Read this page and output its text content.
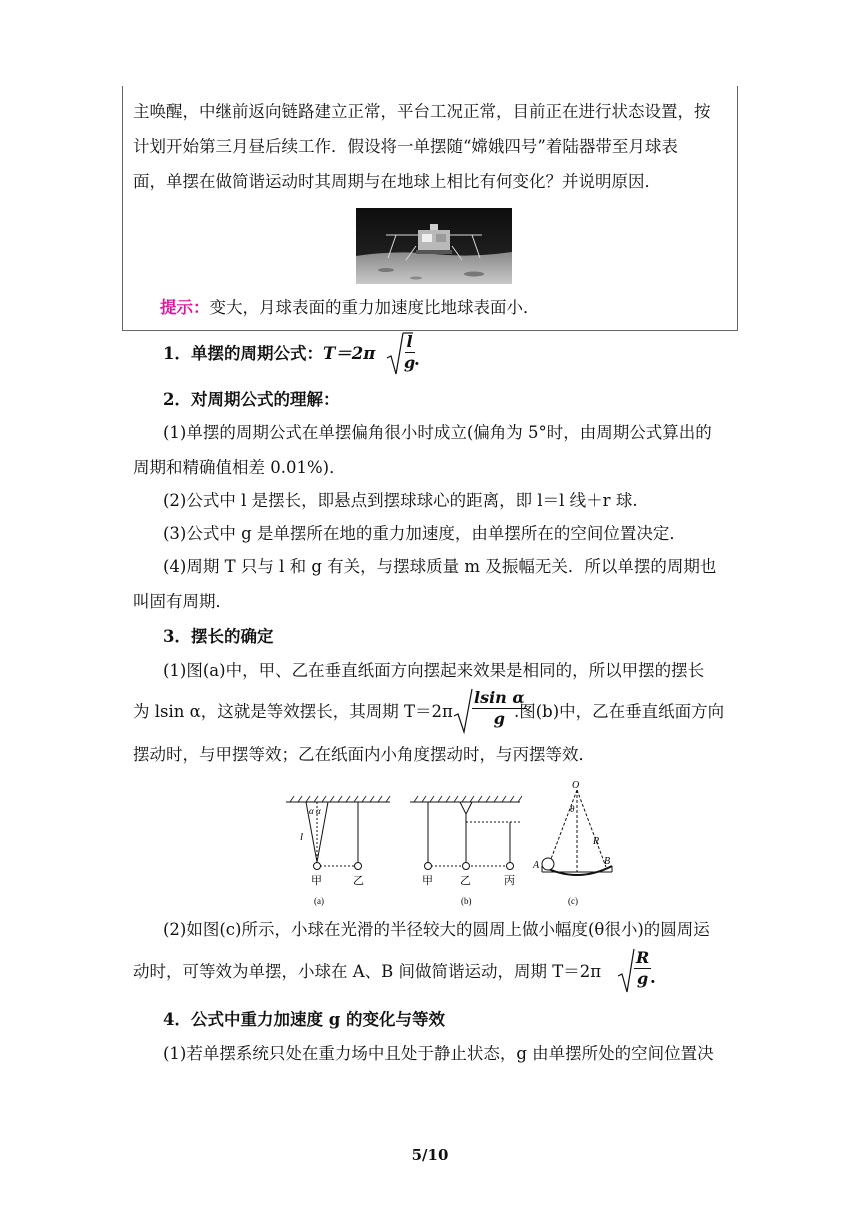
主唤醒，中继前返向链路建立正常，平台工况正常，目前正在进行状态设置，按
计划开始第三月昼后续工作．假设将一单摆随“嫦娥四号”着陆器带至月球表
面，单摆在做简谐运动时其周期与在地球上相比有何变化？并说明原因．
提示：变大，月球表面的重力加速度比地球表面小．
1．单摆的周期公式：$T=2\pi \frac{l}{g}$
.
2．对周期公式的理解：
(1)单摆的周期公式在单摆偏角很小时成立(偏角为 5°时，由周期公式算出的
周期和精确值相差 0.01%)．
(2)公式中 l 是摆长，即悬点到摆球球心的距离，即 l＝l 线＋r 球.
(3)公式中 g 是单摆所在地的重力加速度，由单摆所在的空间位置决定．
(4)周期 T 只与 l 和 g 有关，与摆球质量 m 及振幅无关．所以单摆的周期也
叫固有周期．
3．摆长的确定
(1)图(a)中，甲、乙在垂直纸面方向摆起来效果是相同的，所以甲摆的摆长
为 lsin α，这就是等效摆长，其周期 $T=2\pi \frac{\text{lsin α}}{g}$
.图(b)中，乙在垂直纸面方向
摆动时，与甲摆等效；乙在纸面内小角度摆动时，与丙摆等效．
α α
l
甲	乙
(a)
甲 乙	丙
(b)
O
θ
R
A	B
(c)
(2)如图(c)所示，小球在光滑的半径较大的圆周上做小幅度(θ很小)的圆周运
动时，可等效为单摆，小球在 A、B 间做简谐运动，周期 $T=2\pi \frac{R}{g}$
.
4．公式中重力加速度 g 的变化与等效
(1)若单摆系统只处在重力场中且处于静止状态，g 由单摆所处的空间位置决
5/10
